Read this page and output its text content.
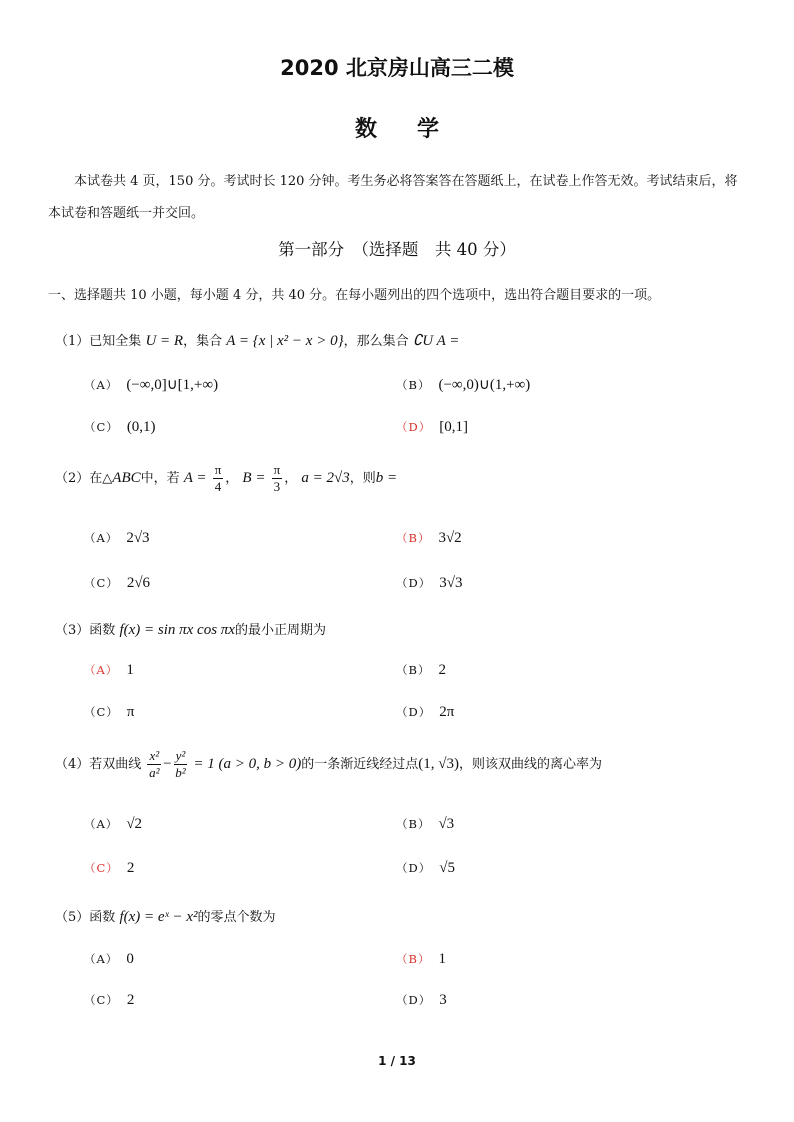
2020 北京房山高三二模
数学
本试卷共 4 页，150 分。考试时长 120 分钟。考生务必将答案答在答题纸上，在试卷上作答无效。考试结束后，将本试卷和答题纸一并交回。
第一部分　（选择题　共 40 分）
一、选择题共 10 小题，每小题 4 分，共 40 分。在每小题列出的四个选项中，选出符合题目要求的一项。
（1）已知全集 U = R，集合 A = {x | x² − x > 0}，那么集合 ∁U A =
（A） (−∞,0]∪[1,+∞)	（B） (−∞,0)∪(1,+∞)
（C） (0,1)	（D） [0,1]
（2）在△ABC中，若 $A = \frac{\pi}{4}$ ， $B = \frac{\pi}{3}$ ， a = 2√3，则b =
（A） 2√3	（B） 3√2
（C） 2√6	（D） 3√3
（3）函数 f(x) = sin πx cos πx的最小正周期为
（A） 1	（B） 2
（C） π	（D） 2π
（4）若双曲线 $\frac{\text{x²}}{\text{a²}} - \frac{\text{y²}}{\text{b²}} = 1$ (a > 0, b > 0)的一条渐近线经过点(1, √3)，则该双曲线的离心率为
（A） √2	（B） √3
（C） 2	（D） √5
（5）函数 f(x) = eˣ − x²的零点个数为
（A） 0	（B） 1
（C） 2	（D） 3
1 / 13
